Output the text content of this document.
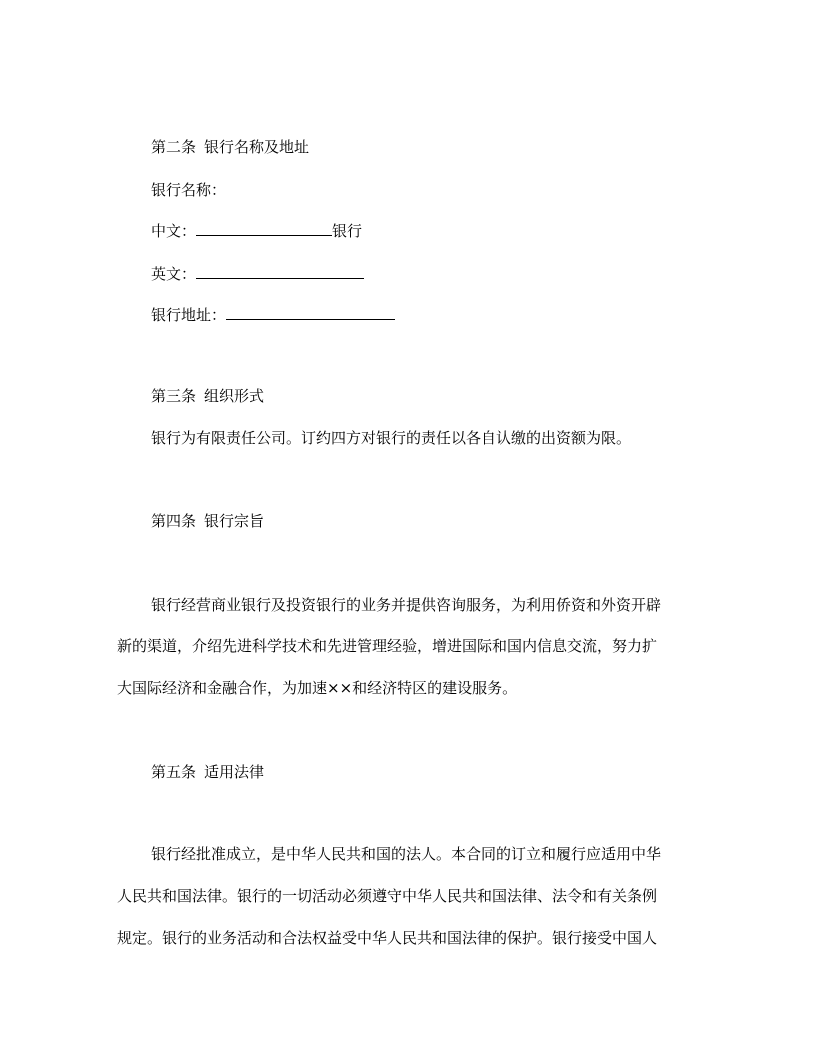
第二条 银行名称及地址
银行名称：
中文：	银行
英文：
银行地址：
第三条 组织形式
银行为有限责任公司。订约四方对银行的责任以各自认缴的出资额为限。
第四条 银行宗旨
银行经营商业银行及投资银行的业务并提供咨询服务，为利用侨资和外资开辟
新的渠道，介绍先进科学技术和先进管理经验，增进国际和国内信息交流，努力扩
大国际经济和金融合作，为加速××和经济特区的建设服务。
第五条 适用法律
银行经批准成立，是中华人民共和国的法人。本合同的订立和履行应适用中华
人民共和国法律。银行的一切活动必须遵守中华人民共和国法律、法令和有关条例
规定。银行的业务活动和合法权益受中华人民共和国法律的保护。银行接受中国人
